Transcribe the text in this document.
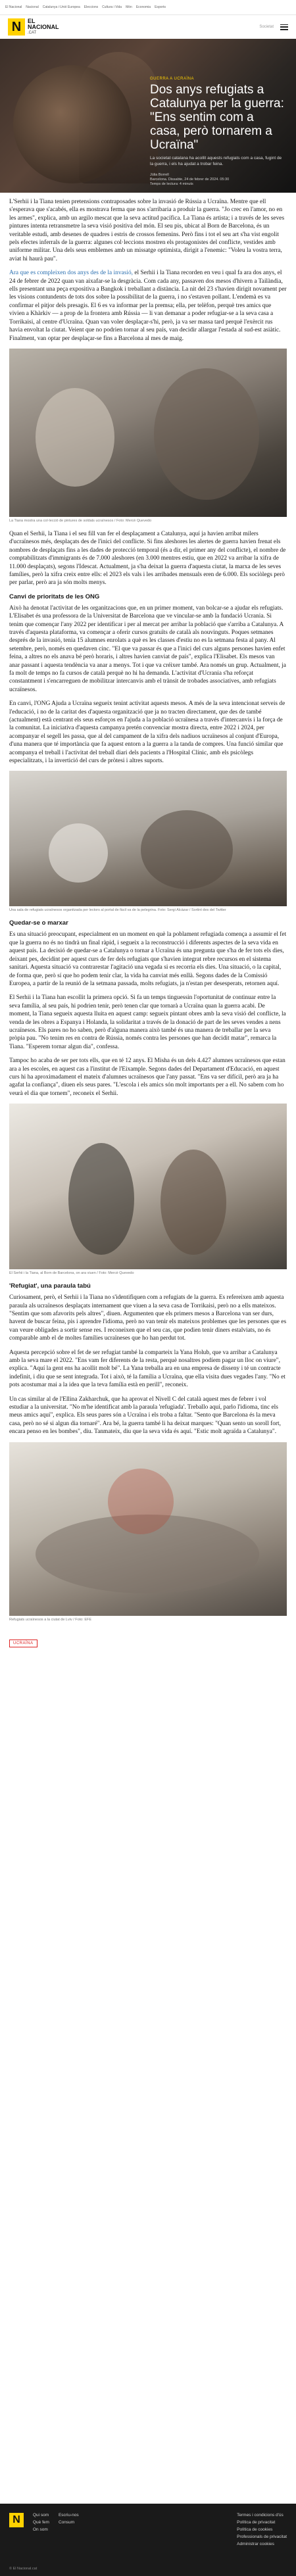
El Nacional Nacional Catalunya i Unió Europea Eleccions Cultura i Vida Món Economia Esports
N	EL
NACIONAL
.CAT
Societat
GUERRA A UCRAÏNA
Dos anys refugiats a Catalunya per la guerra: "Ens sentim com a casa, però tornarem a Ucraïna"
La societat catalana ha acollit aquests refugiats com a casa, fugint de la guerra, i els ha ajudat a trobar feina.
Júlia Borrell
Barcelona. Dissabte, 24 de febrer de 2024. 05:30
Temps de lectura: 4 minuts

L'Serhii i la Tiana tenien pretensions contraposades sobre la invasió de Rússia a Ucraïna. Mentre que ell s'esperava que s'acabés, ella es mostrava ferma que nos s'arribaria a produir la guerra. "Jo crec en l'amor, no en les armes", explica, amb un argilo mescat que la seva actitud pacífica. La Tiana és artista; i a través de les seves pintures intenta retransmetre la seva visió positiva del món. El seu pis, ubicat al Born de Barcelona, és un veritable estudi, amb desenes de quadres i estris de crossos femenins. Però fins i tot el seu art s'ha vist engolit pels efectes inferrals de la guerra: algunes col·leccions mostren els protagonistes del conflicte, vestides amb uniforme militar. Una dels seus emblemes amb un missatge optimista, dirigit a l'enemic: "Voleu la vostra terra, aviat hi haurà pau".

Ara que es compleixen dos anys des de la invasió, el Serhii i la Tiana recorden en veu i qual fa ara dos anys, el 24 de febrer de 2022 quan van aixafar-se la desgràcia. Com cada any, passaven dos mesos d'hivern a Tailàndia, ells presentant una peça expositiva a Bangkok i treballant a distància. La nit del 23 s'havien dirigit novament per les visions contundents de tots dos sobre la possibilitat de la guerra, i no s'estaven pollant. L'endemà es va confirmar el pitjor dels presagis. El 6 es va informar per la premsa; ella, per telèfon, perquè tres amics que vivien a Khàrkiv — a prop de la frontera amb Rússia — li van demanar a poder refugiar-se a la seva casa a Torrikaisi, al centre d'Ucraïna. Quan van voler desplaçar-s'hi, però, ja va ser massa tard perquè l'exèrcit rus havia envoltat la ciutat. Veient que no podrien tornar al seu país, van decidir allargar l'estada al sud-est asiàtic. Finalment, van optar per desplaçar-se fins a Barcelona al mes de maig.

La Tiana mostra una col·lecció de pintures de soldats ucraïnesos / Foto: Mercè Quevedo

Quan el Serhii, la Tiana i el seu fill van fer el desplaçament a Catalunya, aquí ja havien arribat milers d'ucraïnesos més, desplaçats des de l'inici del conflicte. Si fins aleshores les alertes de guerra havien frenat els nombres de desplaçats fins a les dades de protecció temporal (és a dir, el primer any del conflicte), el nombre de comptabilitzats d'immigrants és de 7.000 aleshores (en 3.000 mentres estiu, que en 2022 va arribar la xifra de 11.000 desplaçats), segons l'Idescat. Actualment, ja s'ha deixat la guerra d'aquesta ciutat, la marxa de les seves famílies, però la xifra creix entre ells: el 2023 els vals i les arribades mensuals eren de 6.000. Els sociòlegs però per parlar, però ara ja són molts menys.

Canvi de prioritats de les ONG

Això ha denotat l'activitat de les organitzacions que, en un primer moment, van bolcar-se a ajudar els refugiats. L'Elisabet és una professora de la Universitat de Barcelona que ve vincular-se amb la fundació Ucrania. Si tenim que començar l'any 2022 per identificar i per al mercat per arribar la població que s'arriba a Catalunya. A través d'aquesta plataforma, va començar a oferir cursos gratuïts de català als nouvinguts. Poques setmanes després de la invasió, tenia 15 alumnes enrolats a què es les classes d'estiu no es la setmana festa al pany. Al setembre, però, només en quedaven cinc. "El que va passar és que a l'inici del curs alguns persones havien enfet feina, a altres no els anava bé però horaris, i altres havien canviat de país", explica l'Elisabet. Els mesos van anar passant i aquesta tendència va anar a menys. Tot i que va créixer també. Ara només un grup. Actualment, ja fa molt de temps no fa cursos de català perquè no hi ha demanda. L'activitat d'Ucrania s'ha reforçat constantment i s'encarreguen de mobilitzar intercanvis amb el trànsit de trobades associatives, amb refugiats ucraïnesos.

En canvi, l'ONG Ajuda a Ucraïna segueix tenint activitat aquests mesos. A més de la seva intencionat serveis de l'educació, i no de la caritat des d'aquesta organització que ja no tracten directament, que des de també (actualment) està centrant els seus esforços en l'ajuda a la població ucraïnesa a través d'intercanvis i la força de la comunitat. La iniciativa d'aquesta campanya pretén convenciar mostra directa, entre 2022 i 2024, per acompanyar el segell les passa, que al del campament de la xifra dels nadiuos ucraïnesos al conjunt d'Europa, d'una manera que té importància que fa aquest entorn a la guerra a la tanda de compres. Una funció similar que acompanya el treball i l'activitat del treball diari dels pacients a l'Hospital Clínic, amb els psicòlegs especialitzats, i la invertició del curs de pròtesi i altres suports.

Una sala de refugiats ucraïnesos organitzada per lectors al portal de fàcil va de la pelegrina. Foto: Sergi Alcàzar / Sortint des del Twitter
Quedar-se o marxar

Es una situació preocupant, especialment en un moment en què la poblament refugiada comença a assumir el fet que la guerra no és no tindrà un final ràpid, i segueix a la reconstrucció i diferents aspectes de la seva vida en aquest país. La decisió de quedar-se a Catalunya o tornar a Ucraïna és una pregunta que s'ha de fer tots els dies, deixant pes, decidint per aquest curs de fer dels refugiats que s'havien integrat rebre recursos en el sistema sanitari. Aquesta situació va contrarestar l'agitació una vegada si es recorria els dies. Una situació, o la capital, de forma que, però sí que ho podem tenir clar, la vida ha canviat més enllà. Segons dades de la Comissió Europea, a partir de la reunió de la setmana passada, molts refugiats, ja n'estan per desesperats, retornen aquí.

El Serhii i la Tiana han escollit la primera opció. Si fa un temps tinguessin l'oportunitat de continuar entre la seva família, al seu país, hi podrien tenir, però tenen clar que tornarà a Ucraïna quan la guerra acabi. De moment, la Tiana segueix aquesta lluita en aquest camp: segueix pintant obres amb la seva visió del conflicte, la venda de les obres a Espanya i Holanda, la solidaritat a través de la donació de part de les seves vendes a nens ucraïnesos. Els pares no ho saben, però d'alguna manera això també és una manera de treballar per la seva pròpia pau. "No tenim res en contra de Rússia, només contra les persones que han decidit matar", remarca la Tiana. "Esperem tornar algun dia", confessa.

Tampoc ho acaba de ser per tots ells, que en té 12 anys. El Misha és un dels 4.427 alumnes ucraïnesos que estan ara a les escoles, en aquest cas a l'institut de l'Eixample. Segons dades del Departament d'Educació, en aquest curs hi ha aproximadament el mateix d'alumnes ucraïnesos que l'any passat. "Ens va ser difícil, però ara ja ha agafat la confiança", diuen els seus pares. "L'escola i els amics són molt importants per a ell. No sabem com ho veurà el dia que tornem", reconeix el Serhii.

El Serhii i la Tiana, al Born de Barcelona, on ara viuen / Foto: Mercè Quevedo
'Refugiat', una paraula tabú

Curiosament, però, el Serhii i la Tiana no s'identifiquen com a refugiats de la guerra. Es refereixen amb aquesta paraula als ucraïnesos desplaçats internament que viuen a la seva casa de Torrikaisi, però no a ells mateixos. "Sentim que som afavorits pels altres", diuen. Argumenten que els primers mesos a Barcelona van ser durs, havent de buscar feina, pis i aprendre l'idioma, però no van tenir els mateixos problemes que les persones que es van veure obligades a sortir sense res. I reconeixen que el seu cas, que podien tenir diners estalviats, no és comparable amb el de moltes famílies ucraïneses que ho han perdut tot.

Aquesta percepció sobre el fet de ser refugiat també la comparteix la Yana Holub, que va arribar a Catalunya amb la seva mare el 2022. "Ens vam fer diferents de la resta, perquè nosaltres podíem pagar un lloc on viure", explica. "Aquí la gent ens ha acollit molt bé". La Yana treballa ara en una empresa de disseny i té un contracte indefinit, i diu que se sent integrada. Tot i això, té la família a Ucraïna, que ella visita dues vegades l'any. "No et pots acostumar mai a la idea que la teva família està en perill", reconeix.

Un cas similar al de l'Ellina Zakharchuk, que ha aprovat el Nivell C del català aquest mes de febrer i vol estudiar a la universitat. "No m'he identificat amb la paraula 'refugiada'. Treballo aquí, parlo l'idioma, tinc els meus amics aquí", explica. Els seus pares són a Ucraïna i els troba a faltar. "Sento que Barcelona és la meva casa, però no sé si algun dia tornaré". Ara bé, la guerra també li ha deixat marques: "Quan sento un soroll fort, encara penso en les bombes", diu. Tanmateix, diu que la seva vida és aquí. "Estic molt agraïda a Catalunya".

Refugiats ucraïnesos a la ciutat de Lviv / Foto: EFE
UCRAÏNA
N	Qui som
Què fem
On som
Escriu-nos
Consum
Termes i condicions d'ús
Política de privacitat
Política de cookies
Professionals de privacitat
Administrar cookies
© El Nacional.cat
